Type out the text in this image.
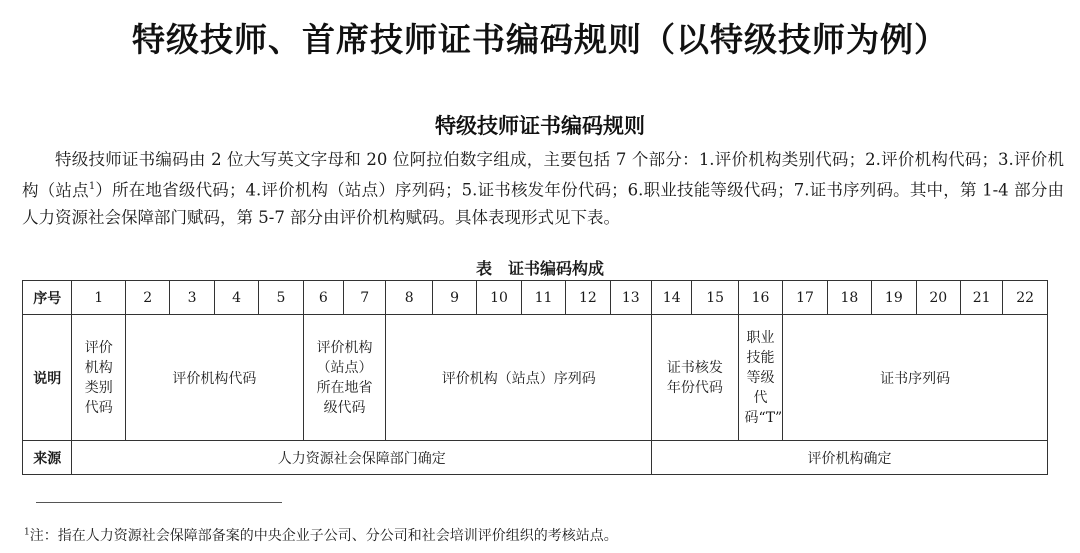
特级技师、首席技师证书编码规则（以特级技师为例）
特级技师证书编码规则
特级技师证书编码由 2 位大写英文字母和 20 位阿拉伯数字组成，主要包括 7 个部分：1.评价机构类别代码；2.评价机构代码；3.评价机构（站点$^1$）所在地省级代码；4.评价机构（站点）序列码；5.证书核发年份代码；6.职业技能等级代码；7.证书序列码。其中，第 1-4 部分由人力资源社会保障部门赋码，第 5-7 部分由评价机构赋码。具体表现形式见下表。
表　证书编码构成
序号	1	2	3	4	5	6	7	8	9	10	11	12	13	14	15	16	17	18	19	20	21	22
说明	评价机构类别代码	评价机构代码				评价机构（站点）所在地省级代码		评价机构（站点）序列码						证书核发年份代码		职业技能等级代码“T”	证书序列码					
来源	人力资源社会保障部门确定													评价机构确定								
$^1$注：指在人力资源社会保障部备案的中央企业子公司、分公司和社会培训评价组织的考核站点。
